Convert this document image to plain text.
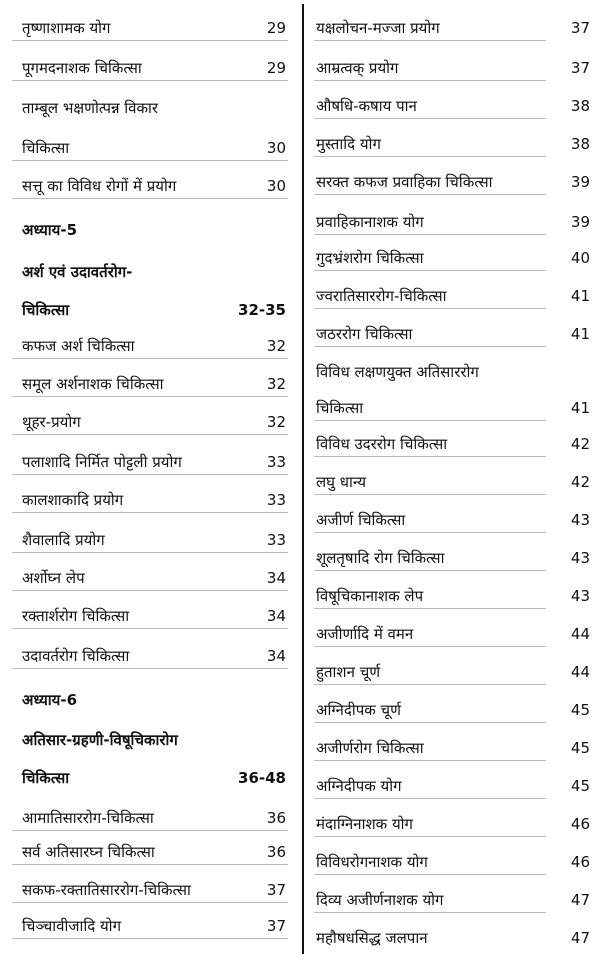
तृष्णाशामक योग	29
पूगमदनाशक चिकित्सा	29
ताम्बूल भक्षणोत्पन्न विकार
चिकित्सा	30
सत्तू का विविध रोगों में प्रयोग	30
अध्याय-5
अर्श एवं उदावर्तरोग-
चिकित्सा	32-35
कफज अर्श चिकित्सा	32
समूल अर्शनाशक चिकित्सा	32
थूहर-प्रयोग	32
पलाशादि निर्मित पोट्टली प्रयोग	33
कालशाकादि प्रयोग	33
शैवालादि प्रयोग	33
अर्शोघ्न लेप	34
रक्तार्शरोग चिकित्सा	34
उदावर्तरोग चिकित्सा	34
अध्याय-6
अतिसार-ग्रहणी-विषूचिकारोग
चिकित्सा	36-48
आमातिसाररोग-चिकित्सा	36
सर्व अतिसारघ्न चिकित्सा	36
सकफ-रक्तातिसाररोग-चिकित्सा	37
चिञ्चावीजादि योग	37
यक्षलोचन-मज्जा प्रयोग	37
आम्रत्वक् प्रयोग	37
औषधि-कषाय पान	38
मुस्तादि योग	38
सरक्त कफज प्रवाहिका चिकित्सा	39
प्रवाहिकानाशक योग	39
गुदभ्रंशरोग चिकित्सा	40
ज्वरातिसाररोग-चिकित्सा	41
जठररोग चिकित्सा	41
विविध लक्षणयुक्त अतिसाररोग
चिकित्सा	41
विविध उदररोग चिकित्सा	42
लघु धान्य	42
अजीर्ण चिकित्सा	43
शूलतृषादि रोग चिकित्सा	43
विषूचिकानाशक लेप	43
अजीर्णादि में वमन	44
हुताशन चूर्ण	44
अग्निदीपक चूर्ण	45
अजीर्णरोग चिकित्सा	45
अग्निदीपक योग	45
मंदाग्निनाशक योग	46
विविधरोगनाशक योग	46
दिव्य अजीर्णनाशक योग	47
महौषधसिद्ध जलपान	47
